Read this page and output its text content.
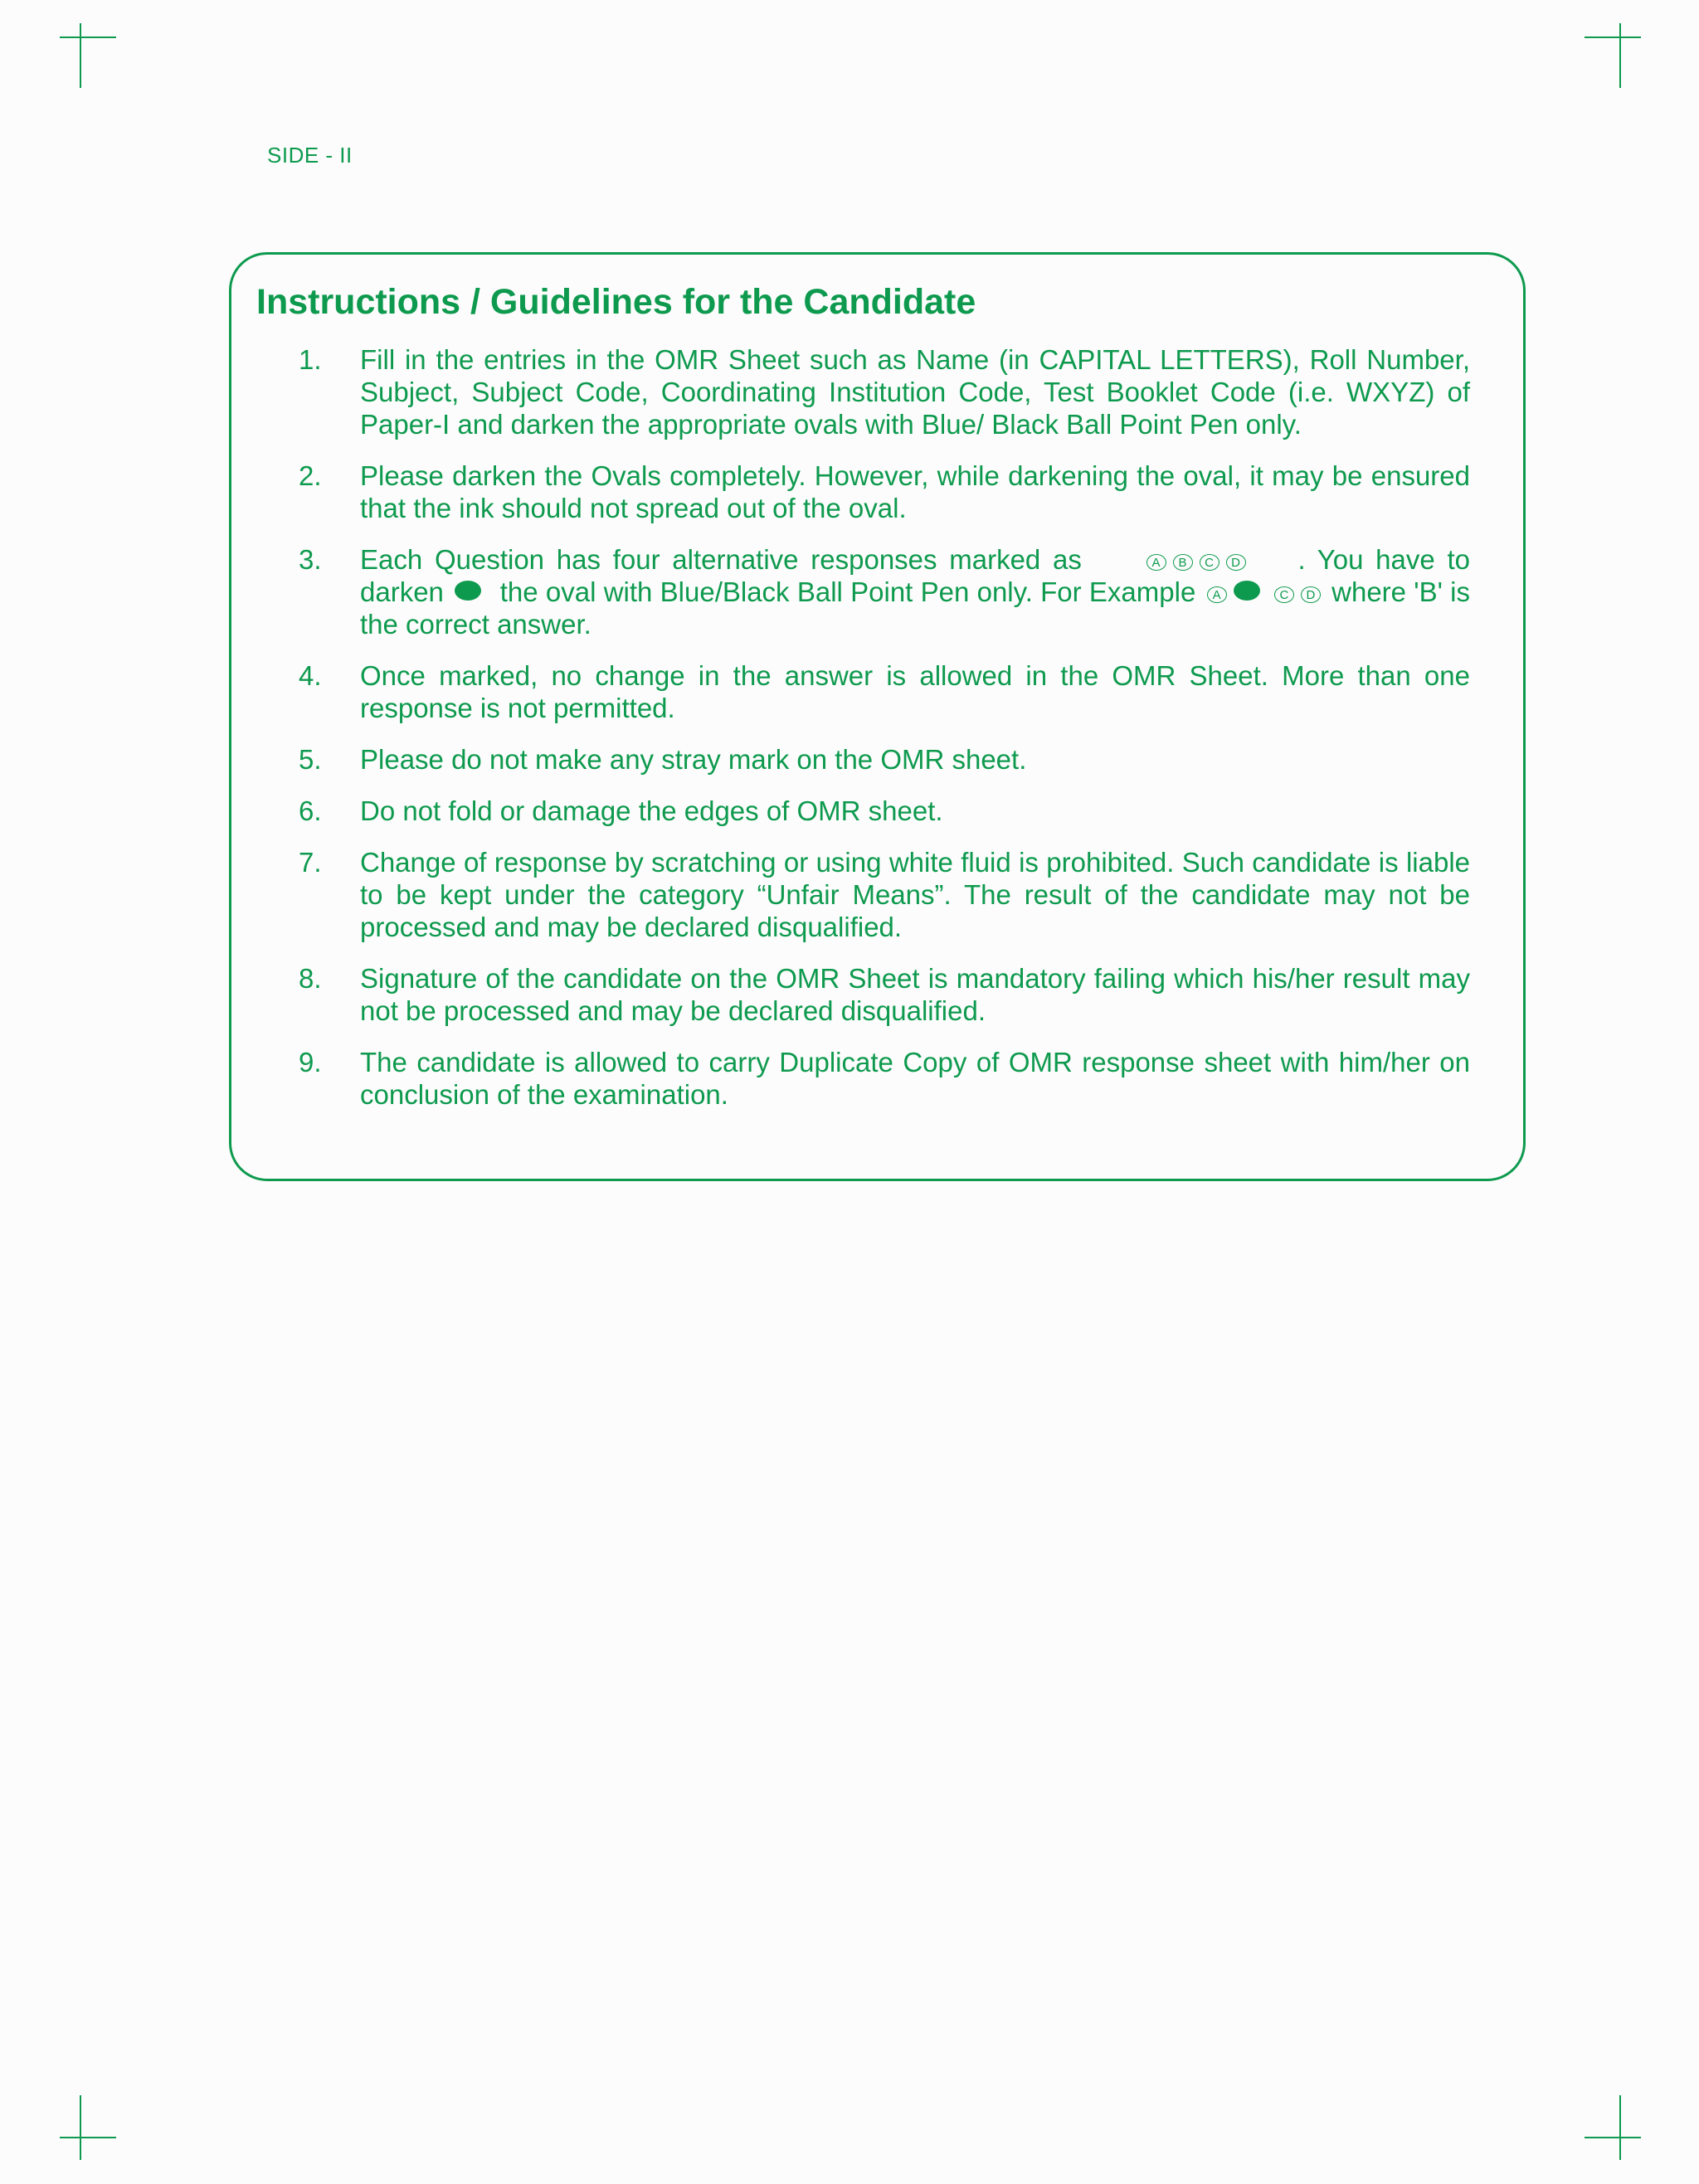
SIDE - II
Instructions / Guidelines for the Candidate
1.	Fill in the entries in the OMR Sheet such as Name (in CAPITAL LETTERS), Roll Number, Subject, Subject Code, Coordinating Institution Code, Test Booklet Code (i.e. WXYZ) of Paper-I and darken the appropriate ovals with Blue/ Black Ball Point Pen only.
2.	Please darken the Ovals completely. However, while darkening the oval, it may be ensured that the ink should not spread out of the oval.
3.	Each Question has four alternative responses marked as	A B C D . You have to darken the oval with Blue/Black Ball Point Pen only. For Example A	C D where 'B' is the correct answer.
4.	Once marked, no change in the answer is allowed in the OMR Sheet. More than one response is not permitted.
5.	Please do not make any stray mark on the OMR sheet.
6.	Do not fold or damage the edges of OMR sheet.
7.	Change of response by scratching or using white fluid is prohibited. Such candidate is liable to be kept under the category “Unfair Means”. The result of the candidate may not be processed and may be declared disqualified.
8.	Signature of the candidate on the OMR Sheet is mandatory failing which his/her result may not be processed and may be declared disqualified.
9.	The candidate is allowed to carry Duplicate Copy of OMR response sheet with him/her on conclusion of the examination.
